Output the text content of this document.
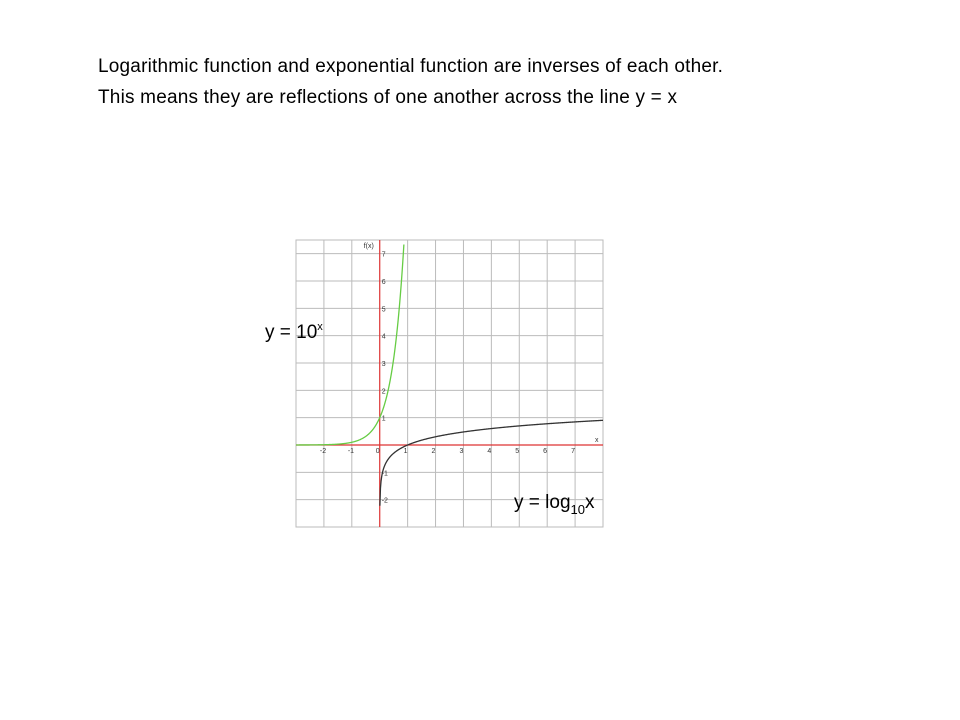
Logarithmic function and exponential function are inverses of each other.
This means they are reflections of one another across the line y = x
x
f(x)
-2	-1	0	1	2	3	4	5	6	7
-2
-1
1
2
3
4
5
6
7
$y = 10^x$
$y = \log_{10}x$
